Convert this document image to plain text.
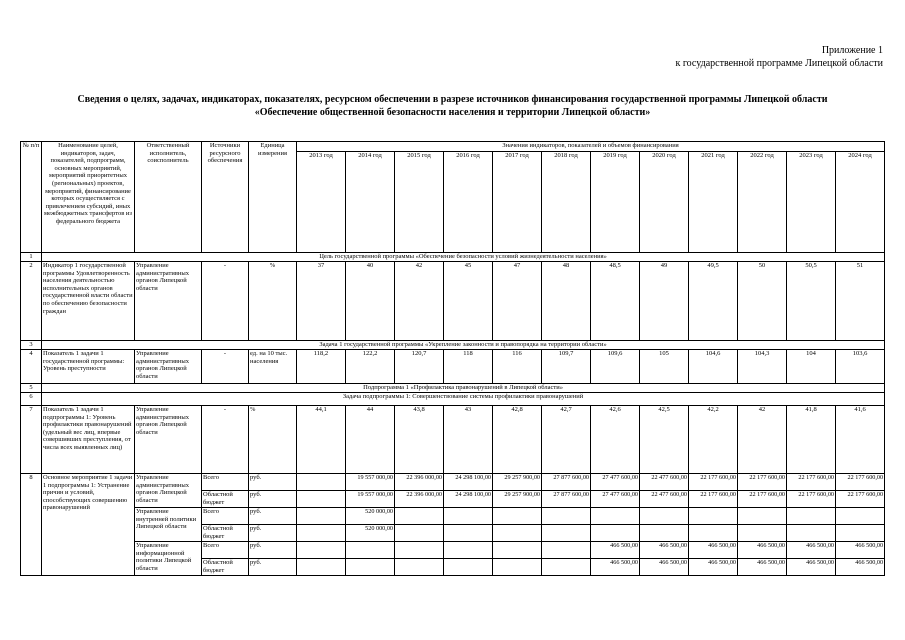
Приложение 1
к государственной программе Липецкой области
Сведения о целях, задачах, индикаторах, показателях, ресурсном обеспечении в разрезе источников финансирования государственной программы Липецкой области
«Обеспечение общественной безопасности населения и территории Липецкой области»
№ п/п	Наименование целей, индикаторов, задач, показателей, подпрограмм, основных мероприятий, мероприятий приоритетных (региональных) проектов, мероприятий, финансирование которых осуществляется с привлечением субсидий, иных межбюджетных трансфертов из федерального бюджета	Ответственный исполнитель, соисполнитель	Источники ресурсного обеспечения	Единица измерения	Значения индикаторов, показателей и объемов финансирования											
					2013 год	2014 год	2015 год	2016 год	2017 год	2018 год	2019 год	2020 год	2021 год	2022 год	2023 год	2024 год
1	Цель государственной программы «Обеспечение безопасности условий жизнедеятельности населения»															
2	Индикатор 1 государственной программы Удовлетворенность населения деятельностью исполнительных органов государственной власти области по обеспечению безопасности граждан	Управление административных органов Липецкой области	-	%	37	40	42	45	47	48	48,5	49	49,5	50	50,5	51
3	Задача 1 государственной программы «Укрепление законности и правопорядка на территории области»															
4	Показатель 1 задачи 1 государственной программы: Уровень преступности	Управление административных органов Липецкой области	-	ед. на 10 тыс. населения	118,2	122,2	120,7	118	116	109,7	109,6	105	104,6	104,3	104	103,6
5	Подпрограмма 1 «Профилактика правонарушений в Липецкой области»															
6	Задача подпрограммы 1: Совершенствование системы профилактики правонарушений															
7	Показатель 1 задачи 1 подпрограммы 1: Уровень профилактики правонарушений (удельный вес лиц, впервые совершивших преступления, от числа всех выявленных лиц)	Управление административных органов Липецкой области	-	%	44,1	44	43,8	43	42,8	42,7	42,6	42,5	42,2	42	41,8	41,6
8	Основное мероприятие 1 задачи 1 подпрограммы 1: Устранение причин и условий, способствующих совершению правонарушений	Управление административных органов Липецкой области	Всего	руб.		19 557 000,00	22 396 000,00	24 298 100,00	29 257 900,00	27 877 600,00	27 477 600,00	22 477 600,00	22 177 600,00	22 177 600,00	22 177 600,00	22 177 600,00
			Областной бюджет	руб.		19 557 000,00	22 396 000,00	24 298 100,00	29 257 900,00	27 877 600,00	27 477 600,00	22 477 600,00	22 177 600,00	22 177 600,00	22 177 600,00	22 177 600,00
		Управление внутренней политики Липецкой области	Всего	руб.		520 000,00										
			Областной бюджет	руб.		520 000,00										
		Управление информационной политики Липецкой области	Всего	руб.							466 500,00	466 500,00	466 500,00	466 500,00	466 500,00	466 500,00
			Областной бюджет	руб.							466 500,00	466 500,00	466 500,00	466 500,00	466 500,00	466 500,00
